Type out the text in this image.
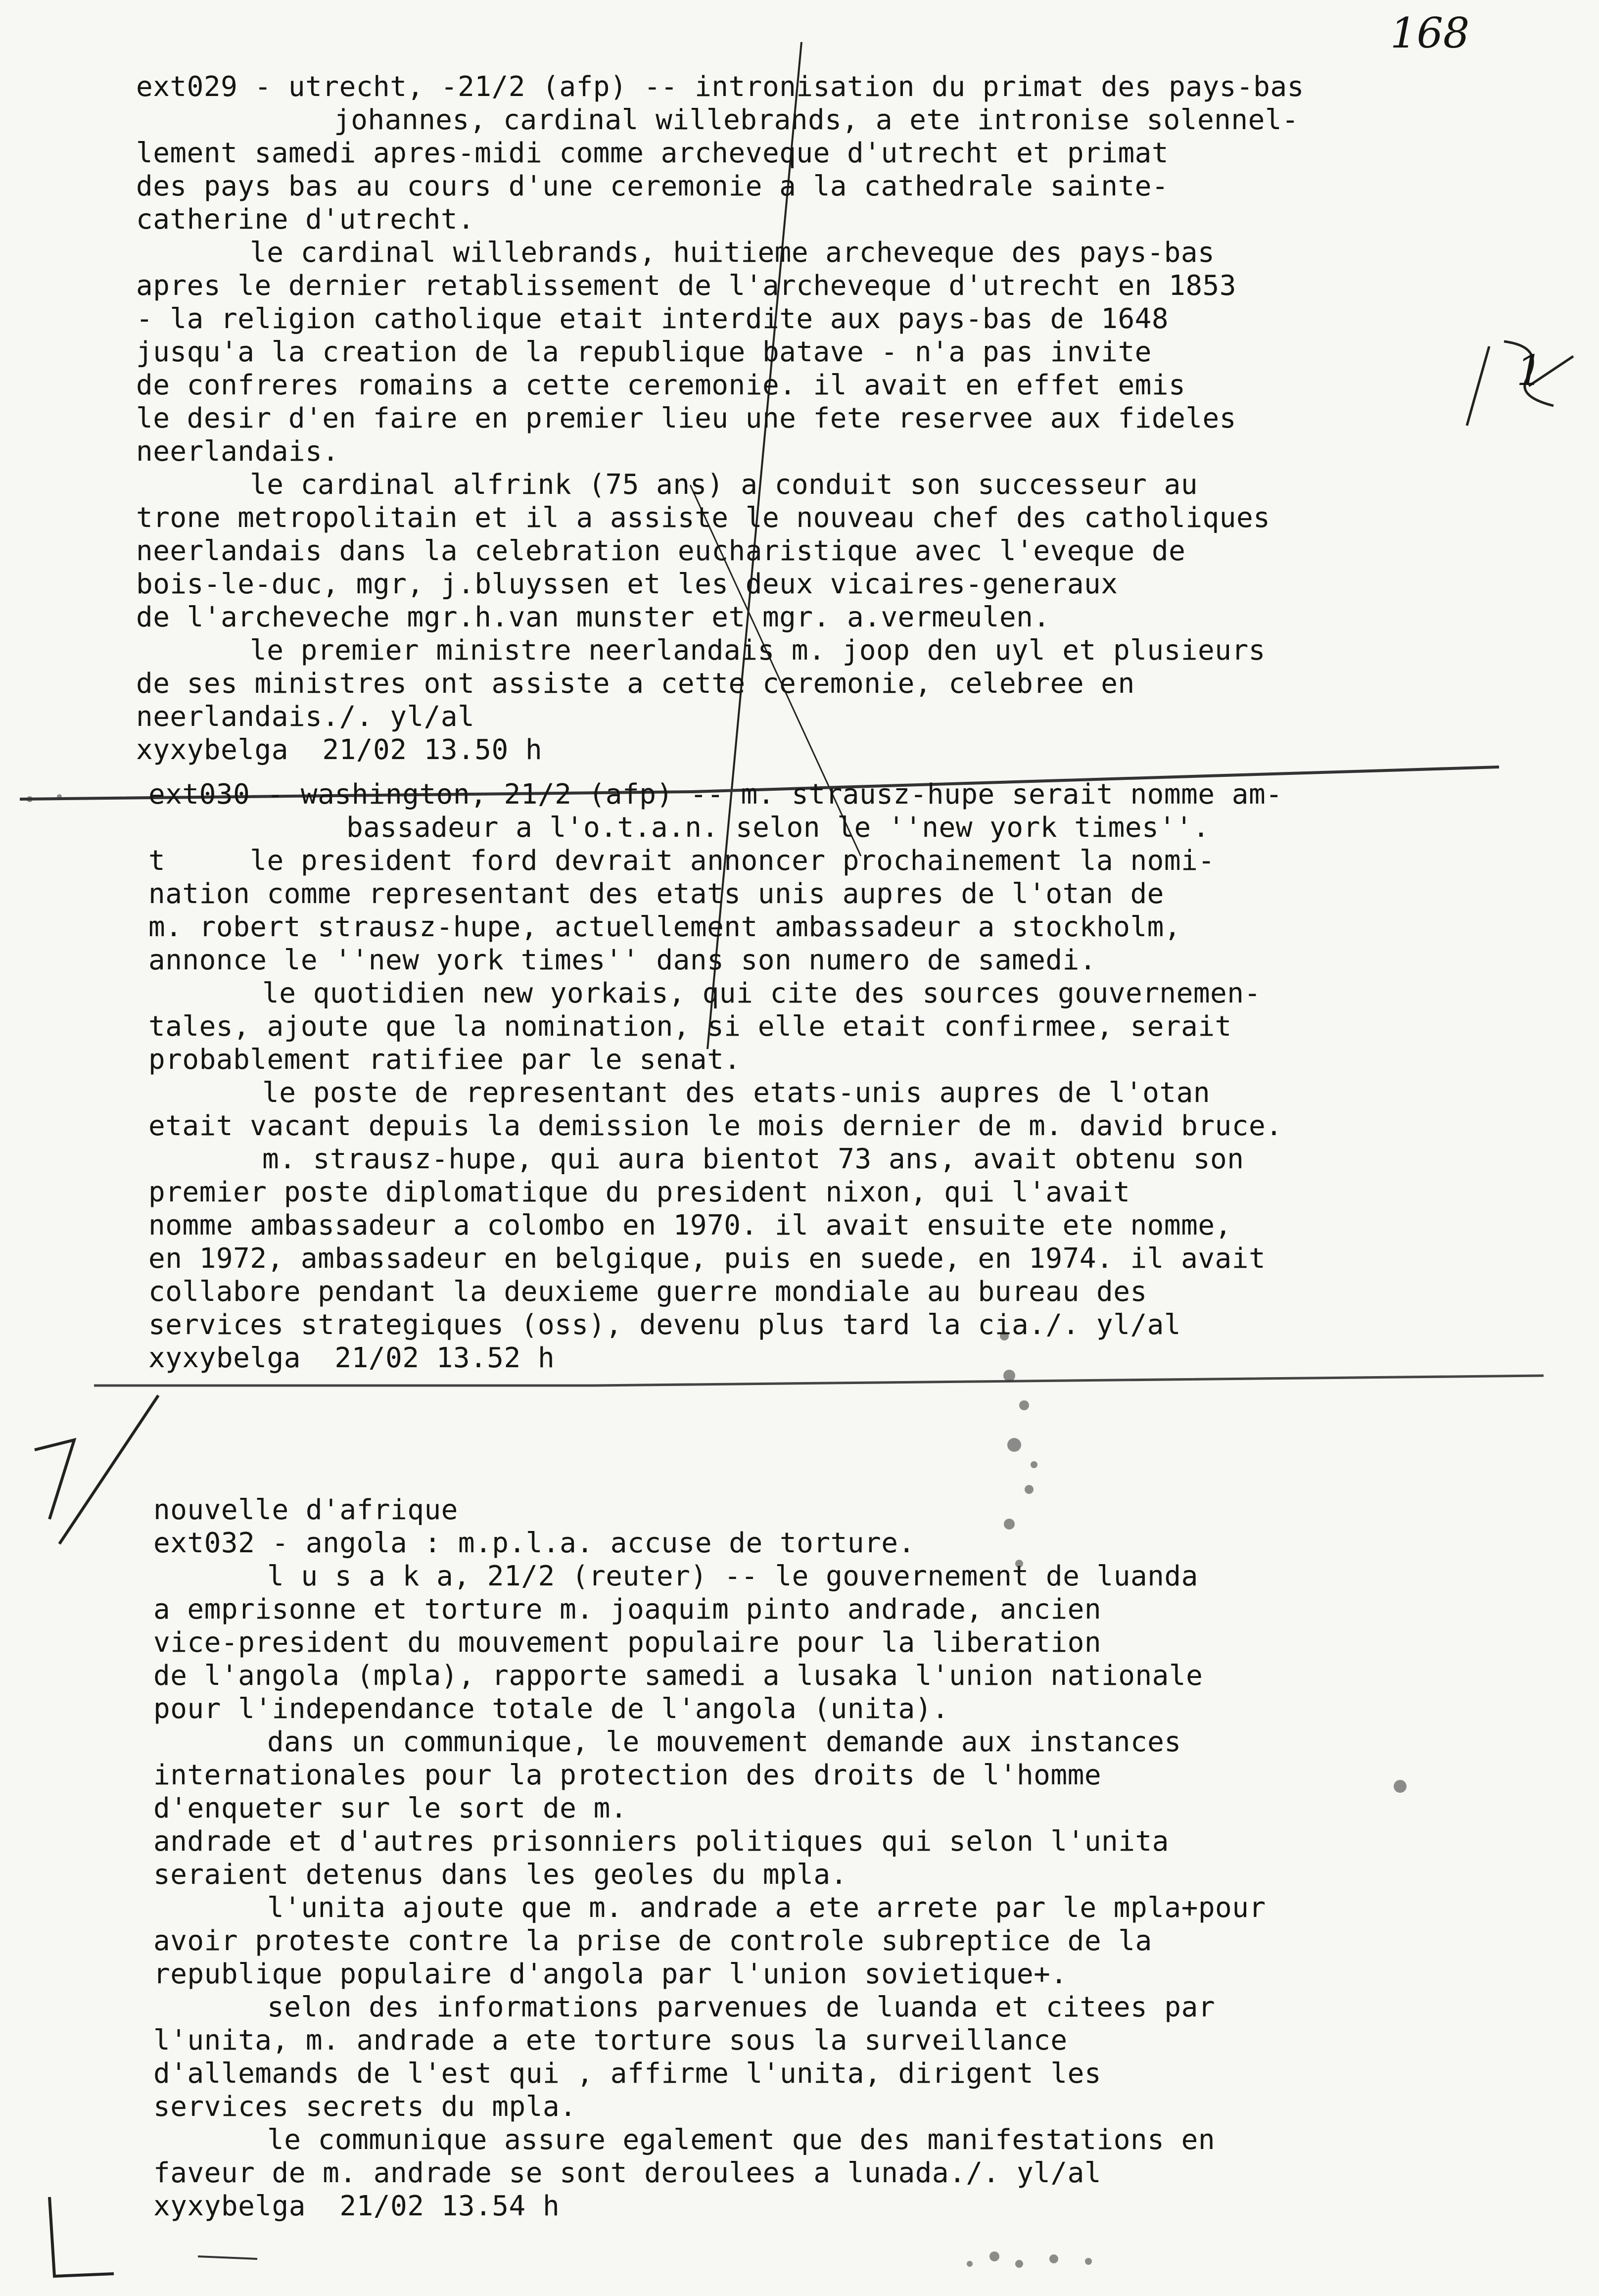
168
1
ext029 - utrecht, -21/2 (afp) -- intronisation du primat des pays-bas
johannes, cardinal willebrands, a ete intronise solennel-
lement samedi apres-midi comme archeveque d'utrecht et primat
des pays bas au cours d'une ceremonie a la cathedrale sainte-
catherine d'utrecht.
le cardinal willebrands, huitieme archeveque des pays-bas
apres le dernier retablissement de l'archeveque d'utrecht en 1853
- la religion catholique etait interdite aux pays-bas de 1648
jusqu'a la creation de la republique batave - n'a pas invite
de confreres romains a cette ceremonie. il avait en effet emis
le desir d'en faire en premier lieu une fete reservee aux fideles
neerlandais.
le cardinal alfrink (75 ans) a conduit son successeur au
trone metropolitain et il a assiste le nouveau chef des catholiques
neerlandais dans la celebration eucharistique avec l'eveque de
bois-le-duc, mgr, j.bluyssen et les deux vicaires-generaux
de l'archeveche mgr.h.van munster et mgr. a.vermeulen.
le premier ministre neerlandais m. joop den uyl et plusieurs
de ses ministres ont assiste a cette ceremonie, celebree en
neerlandais./. yl/al
xyxybelga  21/02 13.50 h
ext030 - washington, 21/2 (afp) -- m. strausz-hupe serait nomme am-
bassadeur a l'o.t.a.n. selon le ''new york times''.
t     le president ford devrait annoncer prochainement la nomi-
nation comme representant des etats unis aupres de l'otan de
m. robert strausz-hupe, actuellement ambassadeur a stockholm,
annonce le ''new york times'' dans son numero de samedi.
le quotidien new yorkais, qui cite des sources gouvernemen-
tales, ajoute que la nomination, si elle etait confirmee, serait
probablement ratifiee par le senat.
le poste de representant des etats-unis aupres de l'otan
etait vacant depuis la demission le mois dernier de m. david bruce.
m. strausz-hupe, qui aura bientot 73 ans, avait obtenu son
premier poste diplomatique du president nixon, qui l'avait
nomme ambassadeur a colombo en 1970. il avait ensuite ete nomme,
en 1972, ambassadeur en belgique, puis en suede, en 1974. il avait
collabore pendant la deuxieme guerre mondiale au bureau des
services strategiques (oss), devenu plus tard la cia./. yl/al
xyxybelga  21/02 13.52 h
nouvelle d'afrique
ext032 - angola : m.p.l.a. accuse de torture.
l u s a k a, 21/2 (reuter) -- le gouvernement de luanda
a emprisonne et torture m. joaquim pinto andrade, ancien
vice-president du mouvement populaire pour la liberation
de l'angola (mpla), rapporte samedi a lusaka l'union nationale
pour l'independance totale de l'angola (unita).
dans un communique, le mouvement demande aux instances
internationales pour la protection des droits de l'homme
d'enqueter sur le sort de m.
andrade et d'autres prisonniers politiques qui selon l'unita
seraient detenus dans les geoles du mpla.
l'unita ajoute que m. andrade a ete arrete par le mpla+pour
avoir proteste contre la prise de controle subreptice de la
republique populaire d'angola par l'union sovietique+.
selon des informations parvenues de luanda et citees par
l'unita, m. andrade a ete torture sous la surveillance
d'allemands de l'est qui , affirme l'unita, dirigent les
services secrets du mpla.
le communique assure egalement que des manifestations en
faveur de m. andrade se sont deroulees a lunada./. yl/al
xyxybelga  21/02 13.54 h
